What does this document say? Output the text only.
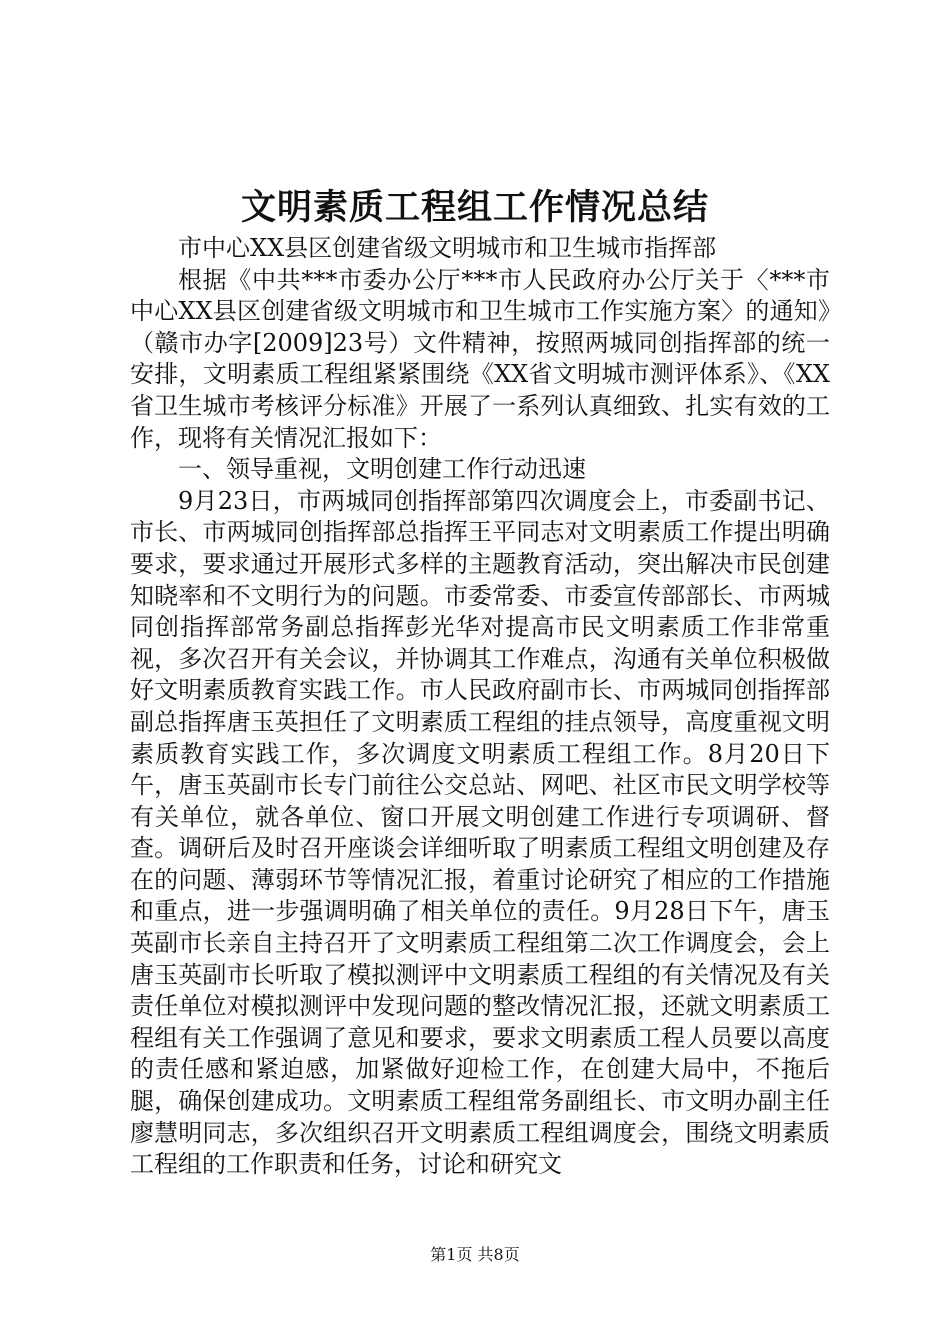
文明素质工程组工作情况总结

市中心XX县区创建省级文明城市和卫生城市指挥部

根据《中共***市委办公厅***市人民政府办公厅关于〈***市中心XX县区创建省级文明城市和卫生城市工作实施方案〉的通知》（赣市办字[2009]23号）文件精神，按照两城同创指挥部的统一安排，文明素质工程组紧紧围绕《XX省文明城市测评体系》、《XX省卫生城市考核评分标准》开展了一系列认真细致、扎实有效的工作，现将有关情况汇报如下：

一、领导重视，文明创建工作行动迅速

9月23日，市两城同创指挥部第四次调度会上，市委副书记、市长、市两城同创指挥部总指挥王平同志对文明素质工作提出明确要求，要求通过开展形式多样的主题教育活动，突出解决市民创建知晓率和不文明行为的问题。市委常委、市委宣传部部长、市两城同创指挥部常务副总指挥彭光华对提高市民文明素质工作非常重视，多次召开有关会议，并协调其工作难点，沟通有关单位积极做好文明素质教育实践工作。市人民政府副市长、市两城同创指挥部副总指挥唐玉英担任了文明素质工程组的挂点领导，高度重视文明素质教育实践工作，多次调度文明素质工程组工作。8月20日下午，唐玉英副市长专门前往公交总站、网吧、社区市民文明学校等有关单位，就各单位、窗口开展文明创建工作进行专项调研、督查。调研后及时召开座谈会详细听取了明素质工程组文明创建及存在的问题、薄弱环节等情况汇报，着重讨论研究了相应的工作措施和重点，进一步强调明确了相关单位的责任。9月28日下午，唐玉英副市长亲自主持召开了文明素质工程组第二次工作调度会，会上唐玉英副市长听取了模拟测评中文明素质工程组的有关情况及有关责任单位对模拟测评中发现问题的整改情况汇报，还就文明素质工程组有关工作强调了意见和要求，要求文明素质工程人员要以高度的责任感和紧迫感，加紧做好迎检工作，在创建大局中，不拖后腿，确保创建成功。文明素质工程组常务副组长、市文明办副主任廖慧明同志，多次组织召开文明素质工程组调度会，围绕文明素质工程组的工作职责和任务，讨论和研究文

第1页 共8页
